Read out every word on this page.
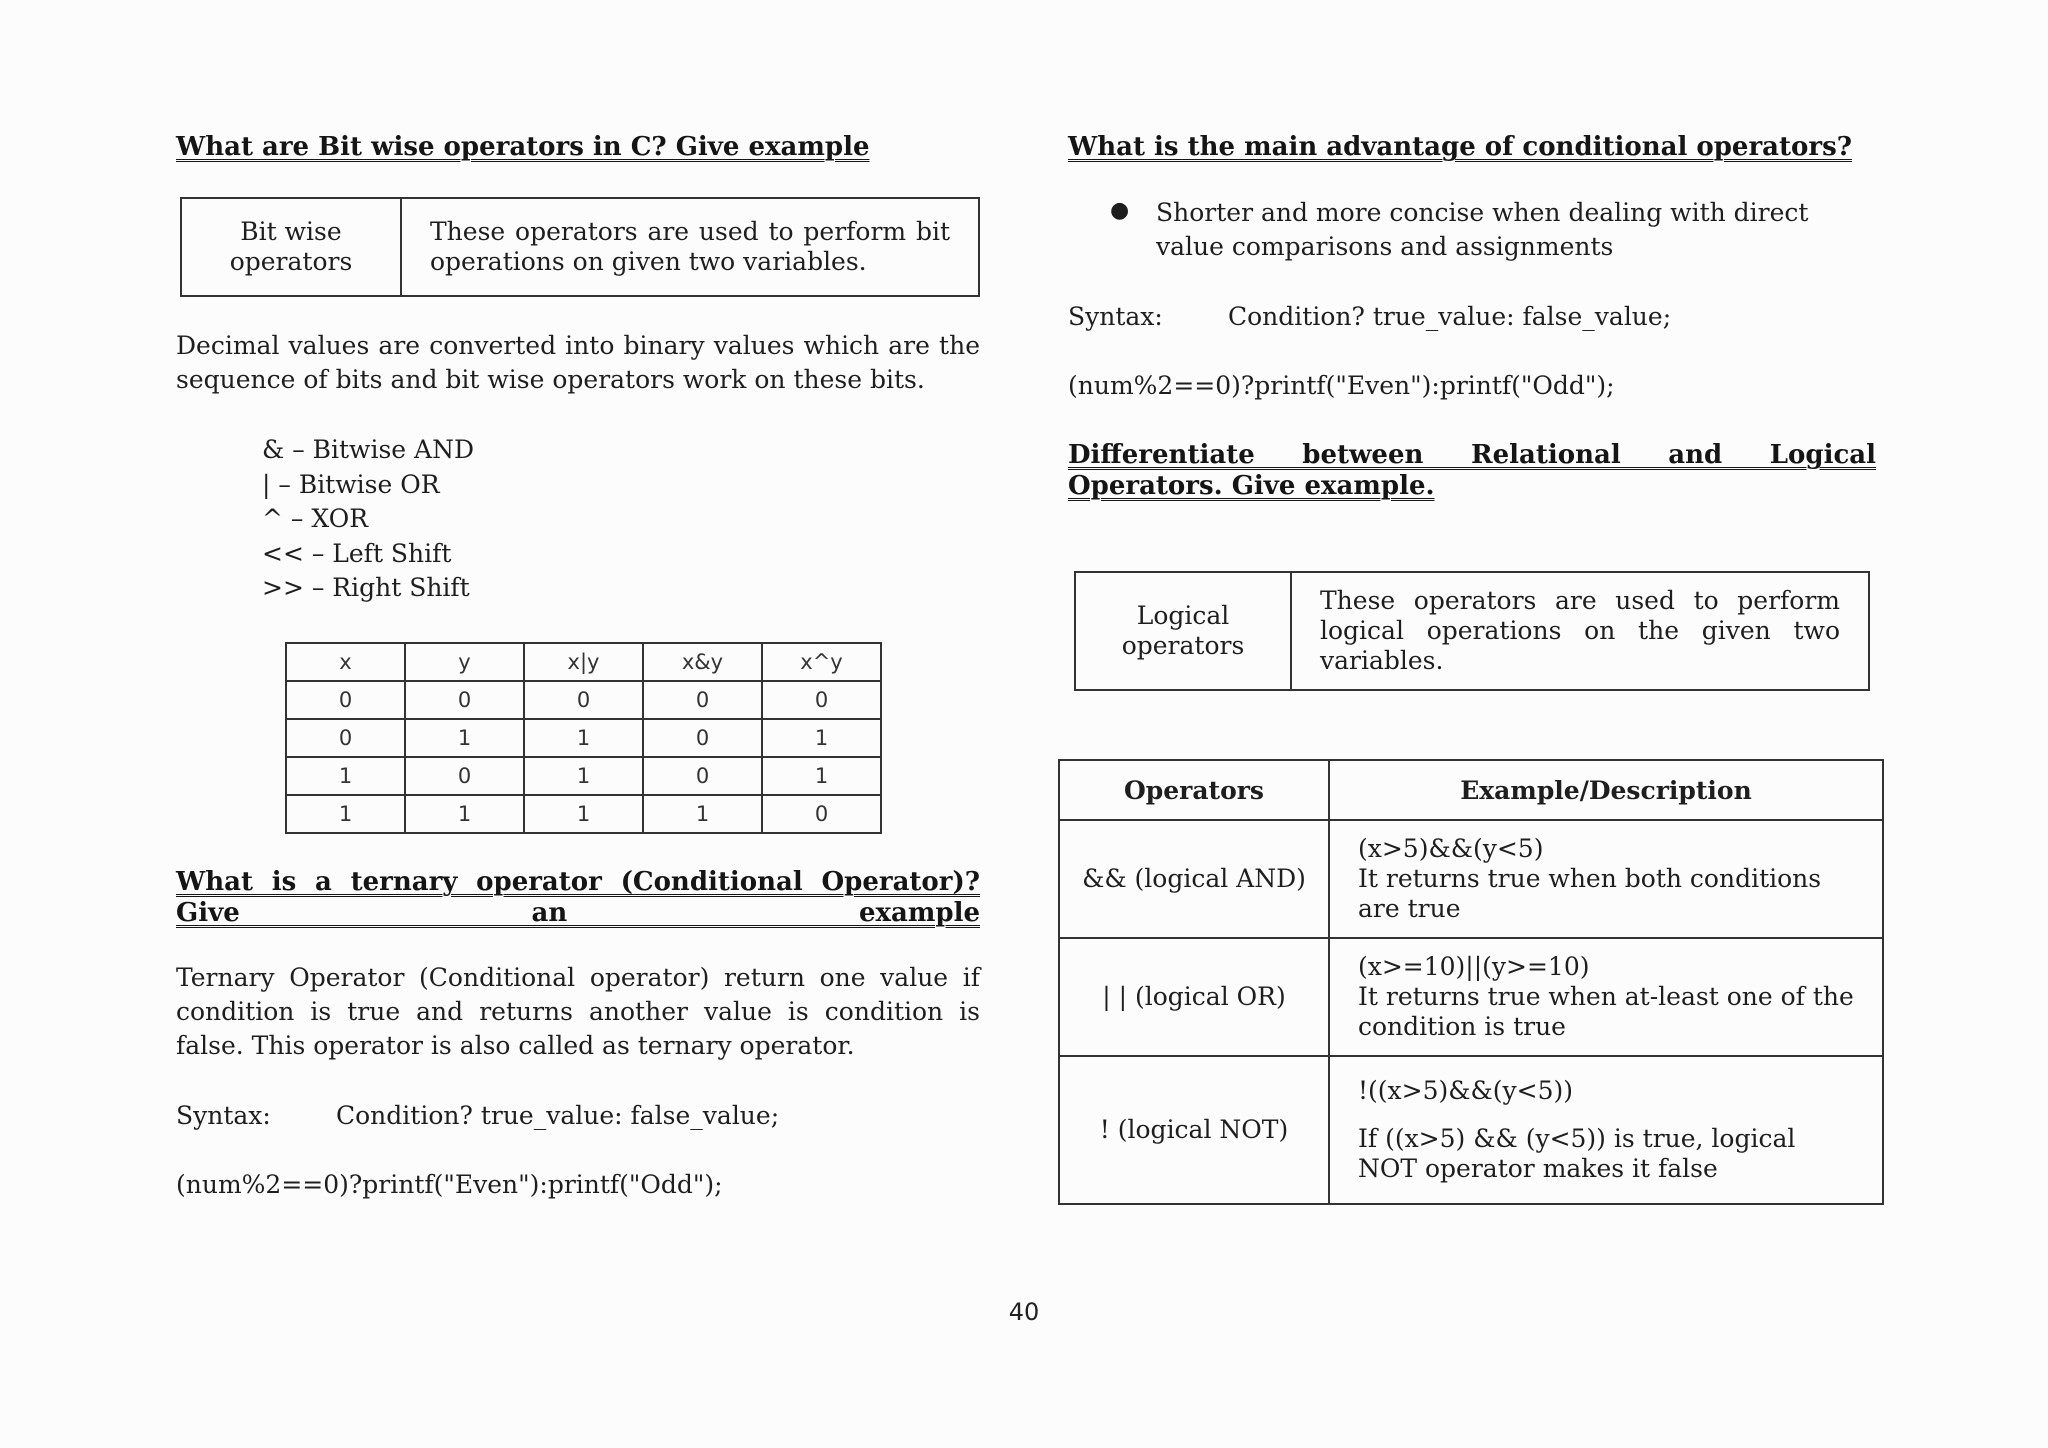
What are Bit wise operators in C? Give example
Bit wise operators	These operators are used to perform bit operations on given two variables.

Decimal values are converted into binary values which are the sequence of bits and bit wise operators work on these bits.

& – Bitwise AND

| – Bitwise OR

^ – XOR

<< – Left Shift

>> – Right Shift

x	y	x|y	x&y	x^y
0	0	0	0	0
0	1	1	0	1
1	0	1	0	1
1	1	1	1	0
What is a ternary operator (Conditional Operator)? Give an example

Ternary Operator (Conditional operator) return one value if condition is true and returns another value is condition is false. This operator is also called as ternary operator.

Syntax:	Condition? true_value: false_value;

(num%2==0)?printf("Even"):printf("Odd");

What is the main advantage of conditional operators?
● Shorter and more concise when dealing with direct value comparisons and assignments

Syntax:	Condition? true_value: false_value;

(num%2==0)?printf("Even"):printf("Odd");

Differentiate between Relational and Logical Operators. Give example.
Logical operators	These operators are used to perform logical operations on the given two variables.
Operators	Example/Description
&& (logical AND)	(x>5)&&(y<5)
It returns true when both conditions are true

| | (logical OR)	(x>=10)||(y>=10)
It returns true when at-least one of the condition is true

! (logical NOT)	!((x>5)&&(y<5))
If ((x>5) && (y<5)) is true, logical NOT operator makes it false
40
